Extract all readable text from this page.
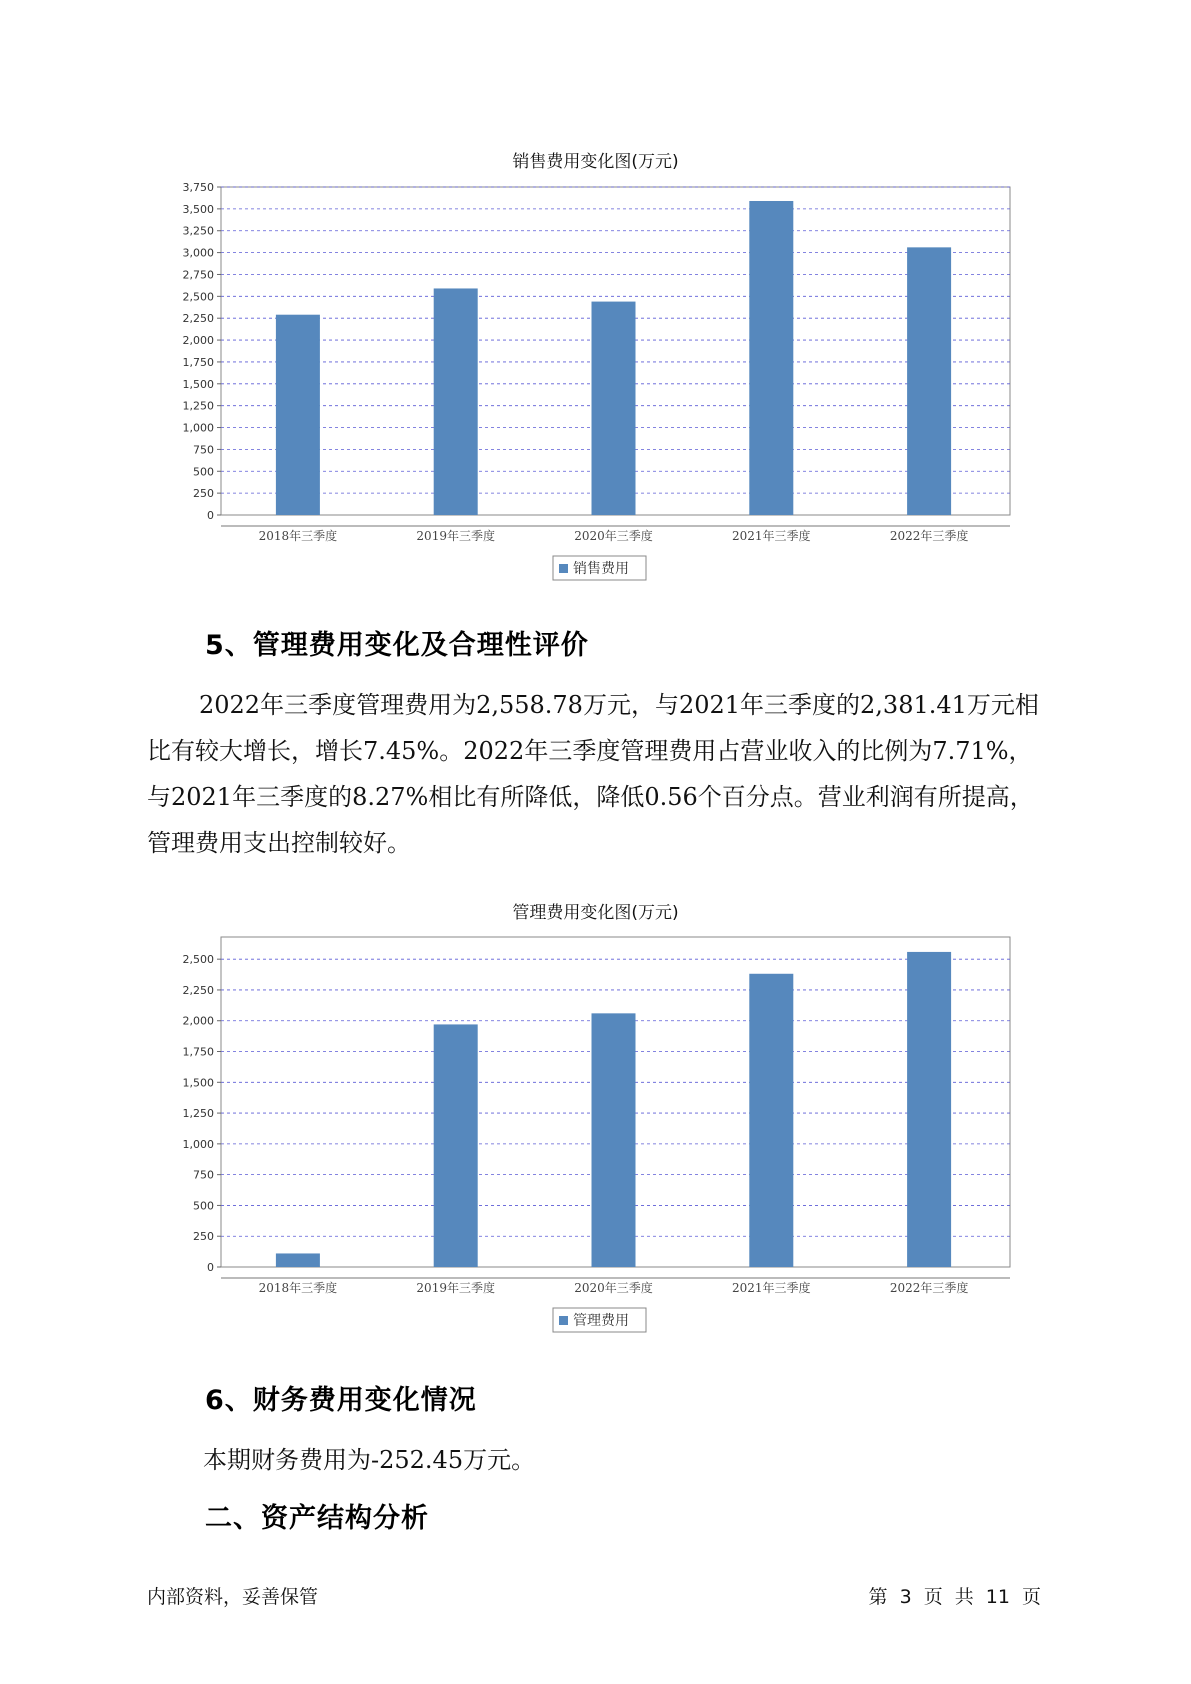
销售费用变化图(万元)
0
250
500
750
1,000
1,250
1,500
1,750
2,000
2,250
2,500
2,750
3,000
3,250
3,500
3,750
2018年三季度	2019年三季度	2020年三季度	2021年三季度	2022年三季度
销售费用
5、管理费用变化及合理性评价

2022年三季度管理费用为2,558.78万元，与2021年三季度的2,381.41万元相比有较大增长，增长7.45%。2022年三季度管理费用占营业收入的比例为7.71%，与2021年三季度的8.27%相比有所降低，降低0.56个百分点。营业利润有所提高，管理费用支出控制较好。

管理费用变化图(万元)
0
250
500
750
1,000
1,250
1,500
1,750
2,000
2,250
2,500
2018年三季度	2019年三季度	2020年三季度	2021年三季度	2022年三季度
管理费用
6、财务费用变化情况
本期财务费用为-252.45万元。
二、资产结构分析
内部资料，妥善保管	第 3 页 共 11 页
